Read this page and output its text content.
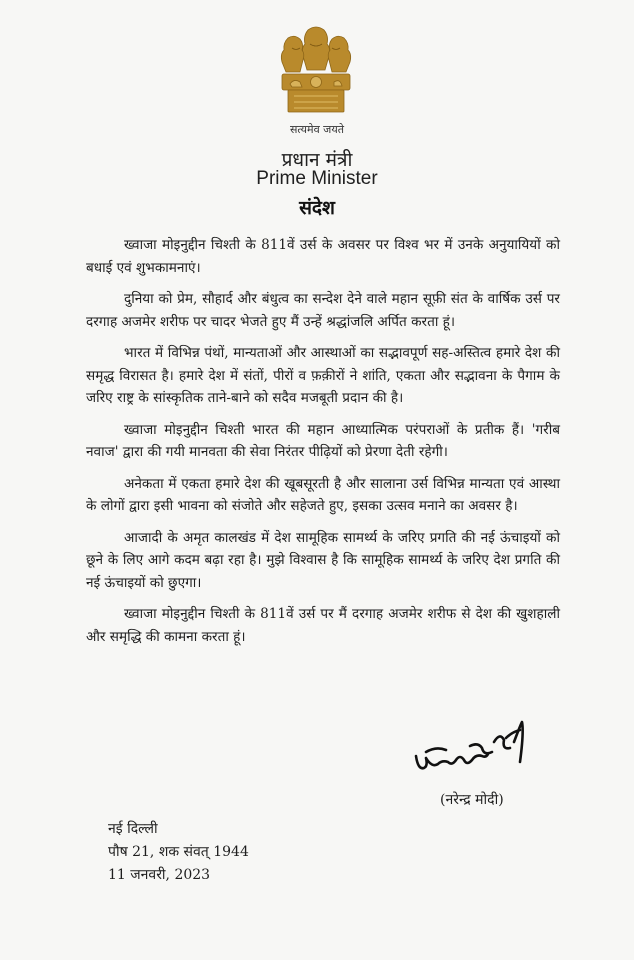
सत्यमेव जयते
प्रधान मंत्री
Prime Minister
संदेश

ख्वाजा मोइनुद्दीन चिश्ती के 811वें उर्स के अवसर पर विश्व भर में उनके अनुयायियों को बधाई एवं शुभकामनाएं।

दुनिया को प्रेम, सौहार्द और बंधुत्व का सन्देश देने वाले महान सूफ़ी संत के वार्षिक उर्स पर दरगाह अजमेर शरीफ पर चादर भेजते हुए मैं उन्हें श्रद्धांजलि अर्पित करता हूं।

भारत में विभिन्न पंथों, मान्यताओं और आस्थाओं का सद्भावपूर्ण सह-अस्तित्व हमारे देश की समृद्ध विरासत है। हमारे देश में संतों, पीरों व फ़क़ीरों ने शांति, एकता और सद्भावना के पैगाम के जरिए राष्ट्र के सांस्कृतिक ताने-बाने को सदैव मजबूती प्रदान की है।

ख्वाजा मोइनुद्दीन चिश्ती भारत की महान आध्यात्मिक परंपराओं के प्रतीक हैं। 'गरीब नवाज' द्वारा की गयी मानवता की सेवा निरंतर पीढ़ियों को प्रेरणा देती रहेगी।

अनेकता में एकता हमारे देश की खूबसूरती है और सालाना उर्स विभिन्न मान्यता एवं आस्था के लोगों द्वारा इसी भावना को संजोते और सहेजते हुए, इसका उत्सव मनाने का अवसर है।

आजादी के अमृत कालखंड में देश सामूहिक सामर्थ्य के जरिए प्रगति की नई ऊंचाइयों को छूने के लिए आगे कदम बढ़ा रहा है। मुझे विश्वास है कि सामूहिक सामर्थ्य के जरिए देश प्रगति की नई ऊंचाइयों को छुएगा।

ख्वाजा मोइनुद्दीन चिश्ती के 811वें उर्स पर मैं दरगाह अजमेर शरीफ से देश की खुशहाली और समृद्धि की कामना करता हूं।

(नरेन्द्र मोदी)
नई दिल्ली
पौष 21, शक संवत् 1944
11 जनवरी, 2023
